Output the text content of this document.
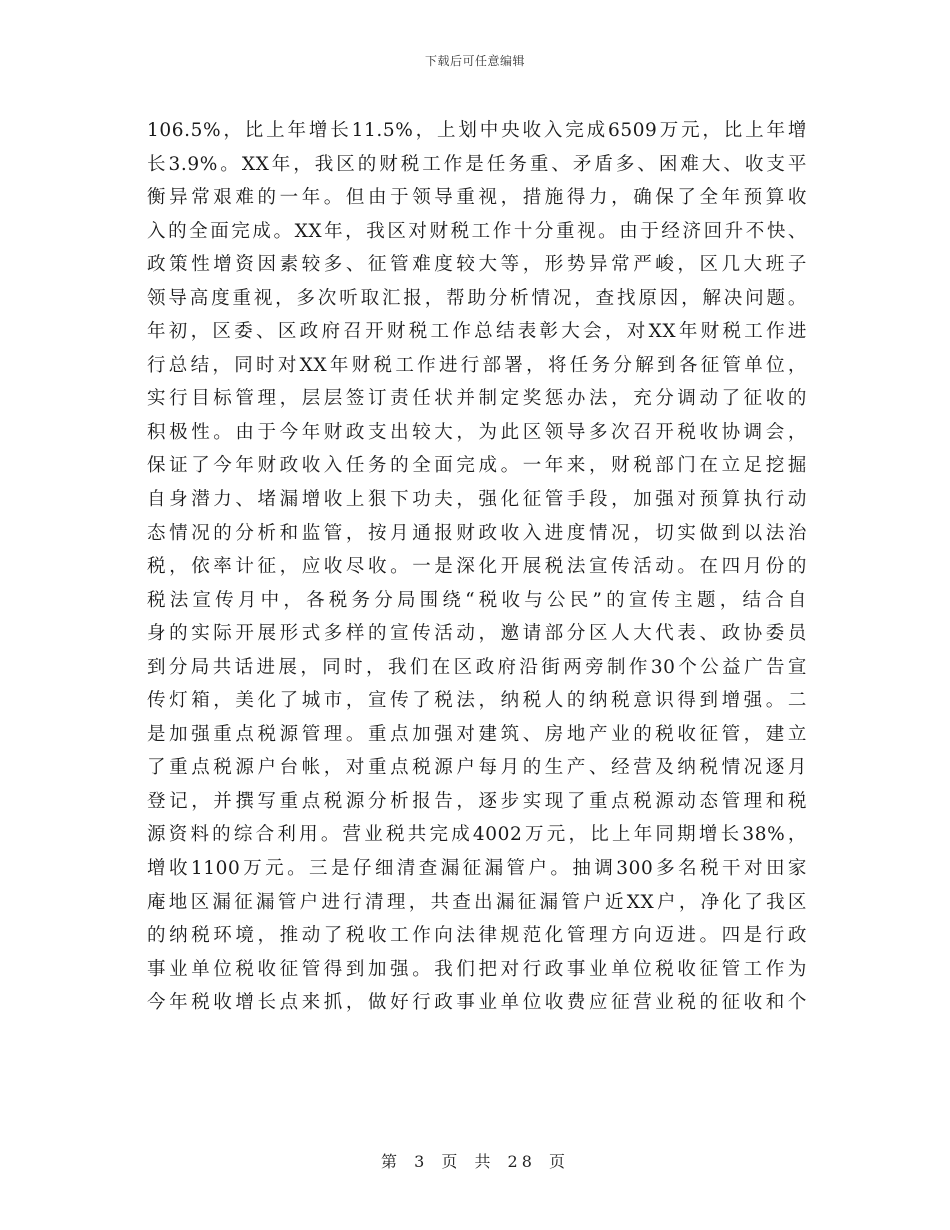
下载后可任意编辑
106.5%，比上年增长11.5%，上划中央收入完成6509万元，比上年增
长3.9%。XX年，我区的财税工作是任务重、矛盾多、困难大、收支平
衡异常艰难的一年。但由于领导重视，措施得力，确保了全年预算收
入的全面完成。XX年，我区对财税工作十分重视。由于经济回升不快、
政策性增资因素较多、征管难度较大等，形势异常严峻，区几大班子
领导高度重视，多次听取汇报，帮助分析情况，查找原因，解决问题。
年初，区委、区政府召开财税工作总结表彰大会，对XX年财税工作进
行总结，同时对XX年财税工作进行部署，将任务分解到各征管单位，
实行目标管理，层层签订责任状并制定奖惩办法，充分调动了征收的
积极性。由于今年财政支出较大，为此区领导多次召开税收协调会，
保证了今年财政收入任务的全面完成。一年来，财税部门在立足挖掘
自身潜力、堵漏增收上狠下功夫，强化征管手段，加强对预算执行动
态情况的分析和监管，按月通报财政收入进度情况，切实做到以法治
税，依率计征，应收尽收。一是深化开展税法宣传活动。在四月份的
税法宣传月中，各税务分局围绕“税收与公民”的宣传主题，结合自
身的实际开展形式多样的宣传活动，邀请部分区人大代表、政协委员
到分局共话进展，同时，我们在区政府沿街两旁制作30个公益广告宣
传灯箱，美化了城市，宣传了税法，纳税人的纳税意识得到增强。二
是加强重点税源管理。重点加强对建筑、房地产业的税收征管，建立
了重点税源户台帐，对重点税源户每月的生产、经营及纳税情况逐月
登记，并撰写重点税源分析报告，逐步实现了重点税源动态管理和税
源资料的综合利用。营业税共完成4002万元，比上年同期增长38%，
增收1100万元。三是仔细清查漏征漏管户。抽调300多名税干对田家
庵地区漏征漏管户进行清理，共查出漏征漏管户近XX户，净化了我区
的纳税环境，推动了税收工作向法律规范化管理方向迈进。四是行政
事业单位税收征管得到加强。我们把对行政事业单位税收征管工作为
今年税收增长点来抓，做好行政事业单位收费应征营业税的征收和个
第 3 页 共 28 页
